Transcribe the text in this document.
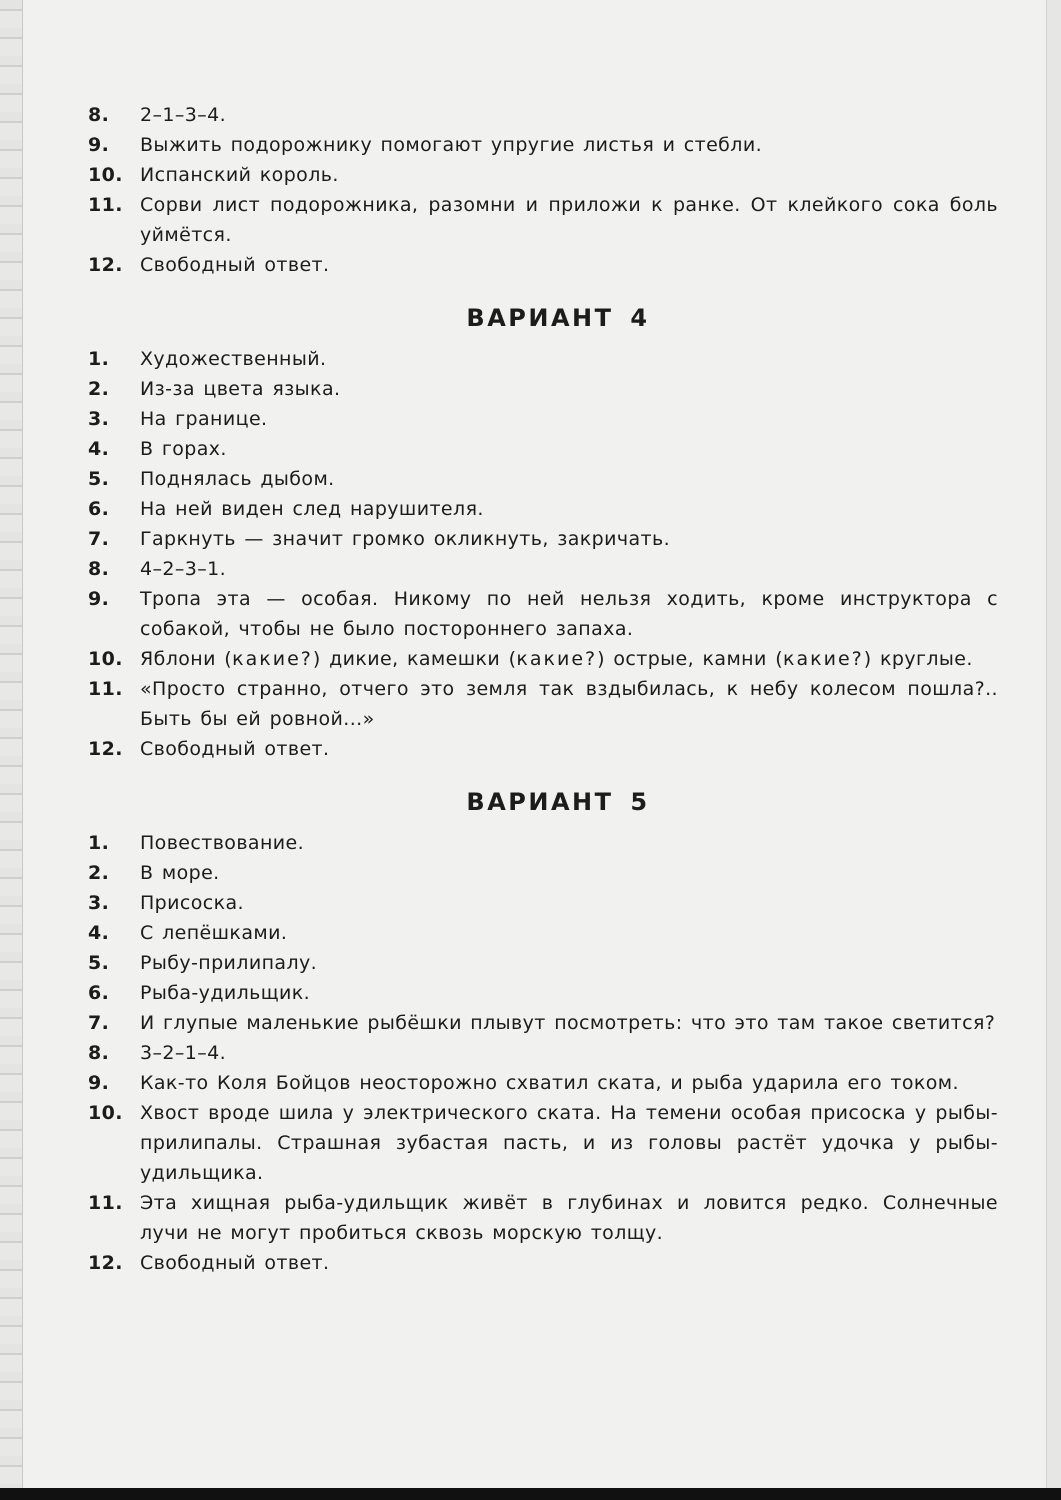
8.	2–1–3–4.
9.	Выжить подорожнику помогают упругие листья и стебли.
10. Испанский король.
11. Сорви лист подорожника, разомни и приложи к ранке. От клейкого сока боль уймётся.
12. Свободный ответ.
ВАРИАНТ 4
1.	Художественный.
2.	Из-за цвета языка.
3.	На границе.
4.	В горах.
5.	Поднялась дыбом.
6.	На ней виден след нарушителя.
7.	Гаркнуть — значит громко окликнуть, закричать.
8.	4–2–3–1.
9.	Тропа эта — особая. Никому по ней нельзя ходить, кроме инструктора с собакой, чтобы не было постороннего запаха.
10. Яблони (какие?) дикие, камешки (какие?) острые, камни (какие?) круглые.
11. «Просто странно, отчего это земля так вздыбилась, к небу колесом пошла?.. Быть бы ей ровной...»
12. Свободный ответ.
ВАРИАНТ 5
1.	Повествование.
2.	В море.
3.	Присоска.
4.	С лепёшками.
5.	Рыбу-прилипалу.
6.	Рыба-удильщик.
7.	И глупые маленькие рыбёшки плывут посмотреть: что это там такое светится?
8.	3–2–1–4.
9.	Как-то Коля Бойцов неосторожно схватил ската, и рыба ударила его током.
10. Хвост вроде шила у электрического ската. На темени особая присоска у рыбы-прилипалы. Страшная зубастая пасть, и из головы растёт удочка у рыбы-удильщика.
11. Эта хищная рыба-удильщик живёт в глубинах и ловится редко. Солнечные лучи не могут пробиться сквозь морскую толщу.
12. Свободный ответ.
